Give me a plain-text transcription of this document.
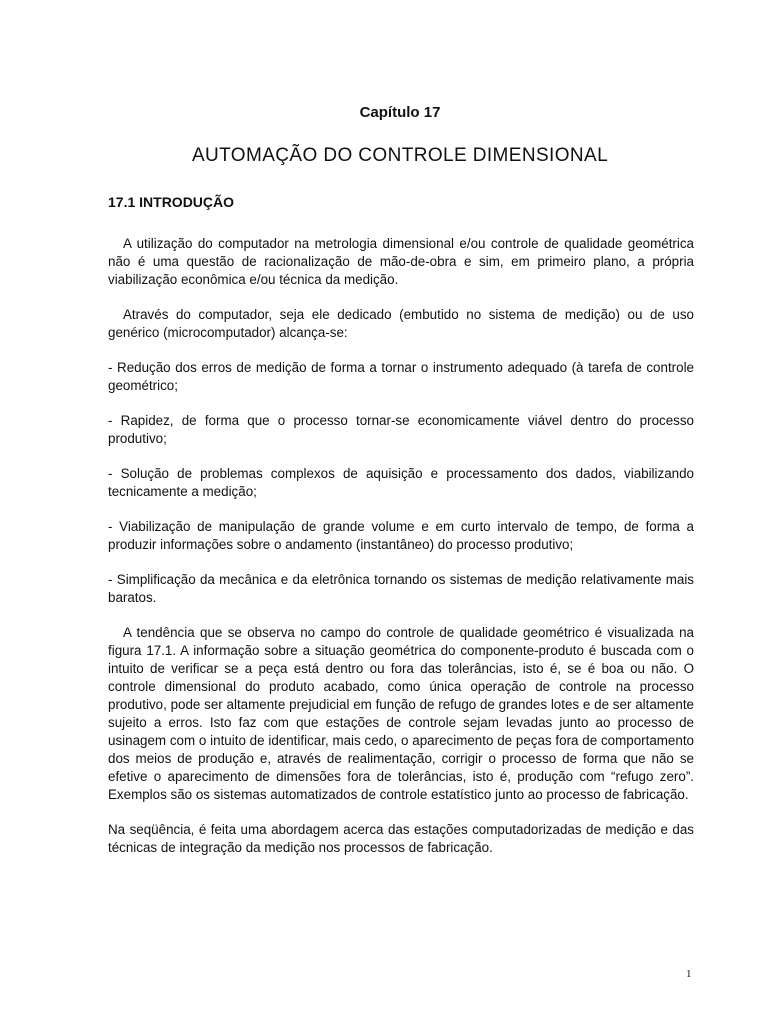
Capítulo 17
AUTOMAÇÃO DO CONTROLE DIMENSIONAL
17.1 INTRODUÇÃO

A utilização do computador na metrologia dimensional e/ou controle de qualidade geométrica não é uma questão de racionalização de mão-de-obra e sim, em primeiro plano, a própria viabilização econômica e/ou técnica da medição.

Através do computador, seja ele dedicado (embutido no sistema de medição) ou de uso genérico (microcomputador) alcança-se:

- Redução dos erros de medição de forma a tornar o instrumento adequado (à tarefa de controle geométrico;

- Rapidez, de forma que o processo tornar-se economicamente viável dentro do processo produtivo;

- Solução de problemas complexos de aquisição e processamento dos dados, viabilizando tecnicamente a medição;

- Viabilização de manipulação de grande volume e em curto intervalo de tempo, de forma a produzir informações sobre o andamento (instantâneo) do processo produtivo;

- Simplificação da mecânica e da eletrônica tornando os sistemas de medição relativamente mais baratos.

A tendência que se observa no campo do controle de qualidade geométrico é visualizada na figura 17.1. A informação sobre a situação geométrica do componente-produto é buscada com o intuito de verificar se a peça está dentro ou fora das tolerâncias, isto é, se é boa ou não. O controle dimensional do produto acabado, como única operação de controle na processo produtivo, pode ser altamente prejudicial em função de refugo de grandes lotes e de ser altamente sujeito a erros. Isto faz com que estações de controle sejam levadas junto ao processo de usinagem com o intuito de identificar, mais cedo, o aparecimento de peças fora de comportamento dos meios de produção e, através de realimentação, corrigir o processo de forma que não se efetive o aparecimento de dimensões fora de tolerâncias, isto é, produção com “refugo zero”. Exemplos são os sistemas automatizados de controle estatístico junto ao processo de fabricação.

Na seqüência, é feita uma abordagem acerca das estações computadorizadas de medição e das técnicas de integração da medição nos processos de fabricação.

1
